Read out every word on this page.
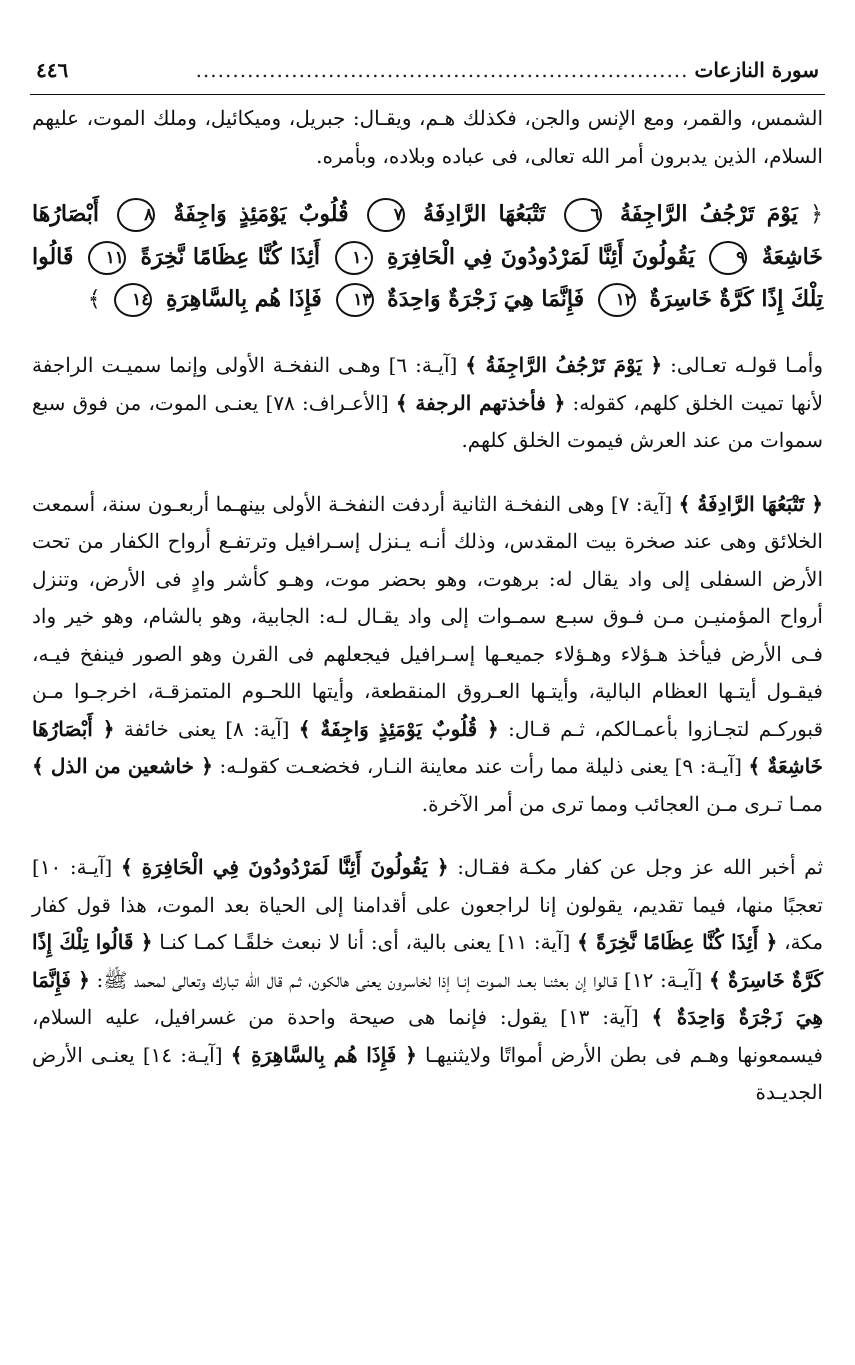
سورة النازعات
...................................................................
٤٤٦

الشمس، والقمر، ومع الإنس والجن، فكذلك هـم، ويقـال: جبريل، وميكائيل، وملك الموت، عليهم السلام، الذين يدبرون أمر الله تعالى، فى عباده وبلاده، وبأمره.

﴿ يَوْمَ تَرْجُفُ الرَّاجِفَةُ ٦ تَتْبَعُهَا الرَّادِفَةُ ٧ قُلُوبٌ يَوْمَئِذٍ وَاجِفَةٌ ٨ أَبْصَارُهَا خَاشِعَةٌ ٩ يَقُولُونَ أَئِنَّا لَمَرْدُودُونَ فِي الْحَافِرَةِ ١٠ أَئِذَا كُنَّا عِظَامًا نَّخِرَةً ١١ قَالُوا تِلْكَ إِذًا كَرَّةٌ خَاسِرَةٌ ١٢ فَإِنَّمَا هِيَ زَجْرَةٌ وَاحِدَةٌ ١٣ فَإِذَا هُم بِالسَّاهِرَةِ ١٤ ﴾

وأمـا قولـه تعـالى: ﴿ يَوْمَ تَرْجُفُ الرَّاجِفَةُ ﴾ [آيـة: ٦] وهـى النفخـة الأولى وإنما سميـت الراجفة لأنها تميت الخلق كلهم، كقوله: ﴿ فأخذتهم الرجفة ﴾ [الأعـراف: ٧٨] يعنـى الموت، من فوق سبع سموات من عند العرش فيموت الخلق كلهم.

﴿ تَتْبَعُهَا الرَّادِفَةُ ﴾ [آية: ٧] وهى النفخـة الثانية أردفت النفخـة الأولى بينهـما أربعـون سنة، أسمعت الخلائق وهى عند صخرة بيت المقدس، وذلك أنـه يـنزل إسـرافيل وترتفـع أرواح الكفار من تحت الأرض السفلى إلى واد يقال له: برهوت، وهو بحضر موت، وهـو كأشر وادٍ فى الأرض، وتنزل أرواح المؤمنيـن مـن فـوق سبـع سمـوات إلى واد يقـال لـه: الجابية، وهو بالشام، وهو خير واد فـى الأرض فيأخذ هـؤلاء وهـؤلاء جميعـها إسـرافيل فيجعلهم فى القرن وهو الصور فينفخ فيـه، فيقـول أيتـها العظام البالية، وأيتـها العـروق المنقطعة، وأيتها اللحـوم المتمزقـة، اخرجـوا مـن قبوركـم لتجـازوا بأعمـالكم، ثـم قـال: ﴿ قُلُوبٌ يَوْمَئِذٍ وَاجِفَةٌ ﴾ [آية: ٨] يعنى خائفة ﴿ أَبْصَارُهَا خَاشِعَةٌ ﴾ [آيـة: ٩] يعنى ذليلة مما رأت عند معاينة النـار، فخضعـت كقولـه: ﴿ خاشعين من الذل ﴾ ممـا تـرى مـن العجائب ومما ترى من أمر الآخرة.

ثم أخبر الله عز وجل عن كفار مكـة فقـال: ﴿ يَقُولُونَ أَئِنَّا لَمَرْدُودُونَ فِي الْحَافِرَةِ ﴾ [آيـة: ١٠] تعجبًا منها، فيما تقديم، يقولون إنا لراجعون على أقدامنا إلى الحياة بعد الموت، هذا قول كفار مكة، ﴿ أَئِذَا كُنَّا عِظَامًا نَّخِرَةً ﴾ [آية: ١١] يعنى بالية، أى: أنا لا نبعث خلقًـا كمـا كنـا ﴿ قَالُوا تِلْكَ إِذًا كَرَّةٌ خَاسِرَةٌ ﴾ [آيـة: ١٢] قـالوا إن بعثنـا بعـد المـوت إنـا إذا لخاسرون يعنى هالكون، ثـم قال الله تبارك وتعالى لمحمد ﷺ: ﴿ فَإِنَّمَا هِيَ زَجْرَةٌ وَاحِدَةٌ ﴾ [آية: ١٣] يقول: فإنما هى صيحة واحدة من غسرافيل، عليه السلام، فيسمعونها وهـم فى بطن الأرض أمواتًا ولايثنيهـا ﴿ فَإِذَا هُم بِالسَّاهِرَةِ ﴾ [آيـة: ١٤] يعنـى الأرض الجديـدة
